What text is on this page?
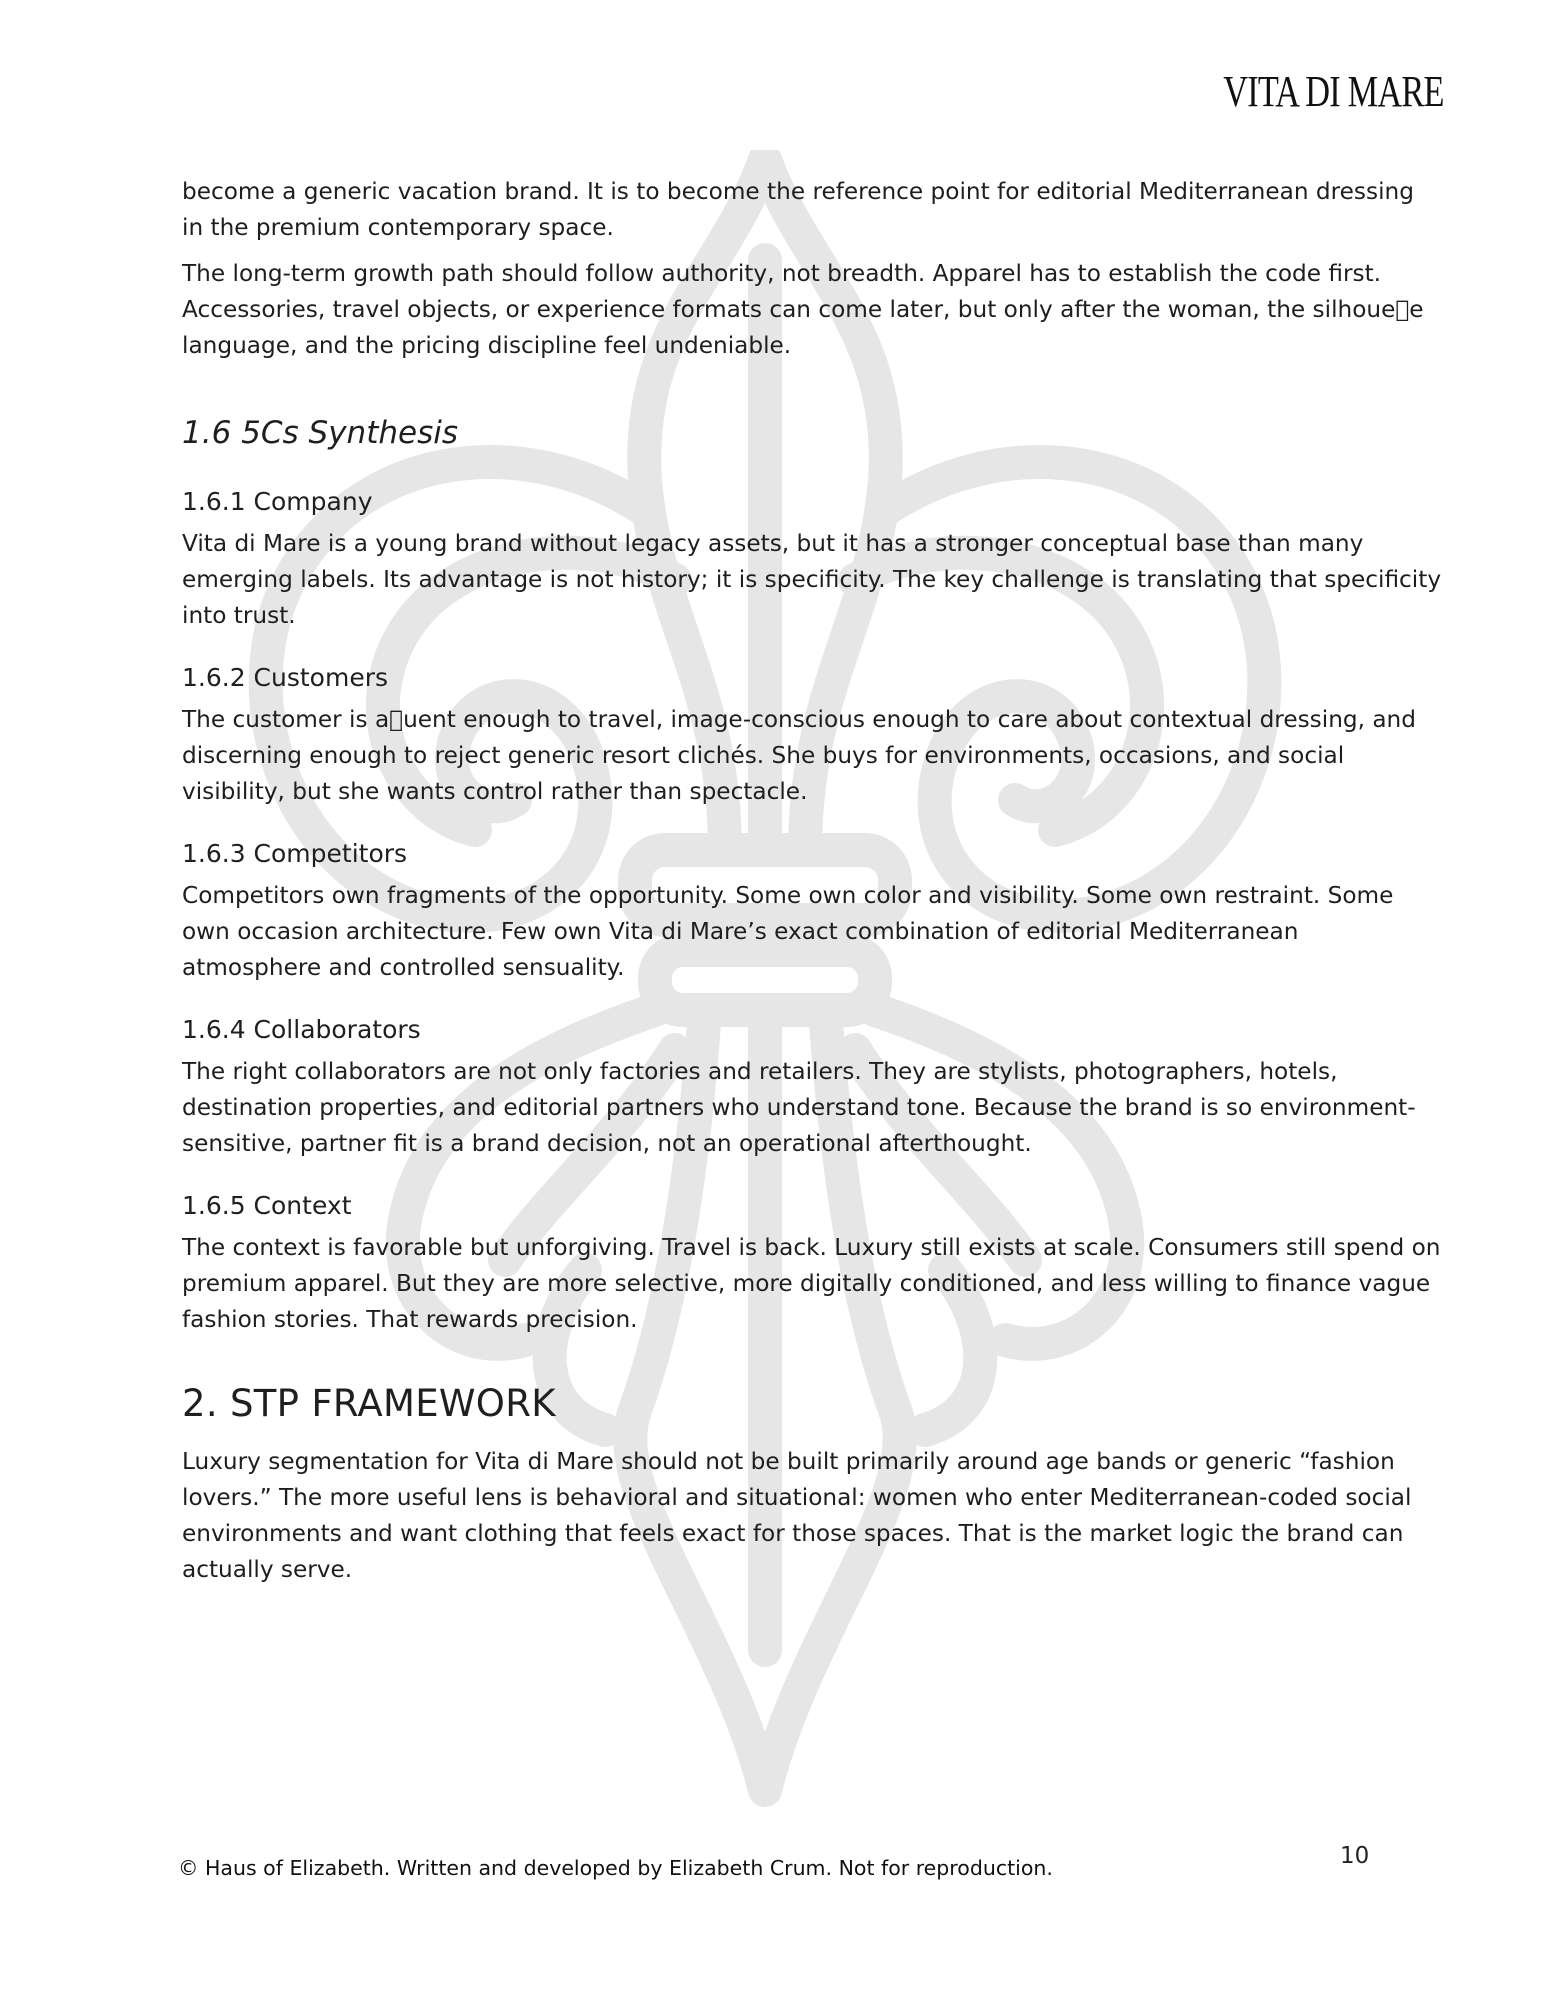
VITA DI MARE

become a generic vacation brand. It is to become the reference point for editorial Mediterranean dressing in the premium contemporary space.

The long-term growth path should follow authority, not breadth. Apparel has to establish the code first. Accessories, travel objects, or experience formats can come later, but only after the woman, the silhoue e language, and the pricing discipline feel undeniable.

1.6 5Cs Synthesis
1.6.1 Company

Vita di Mare is a young brand without legacy assets, but it has a stronger conceptual base than many emerging labels. Its advantage is not history; it is specificity. The key challenge is translating that specificity into trust.

1.6.2 Customers

The customer is a uent enough to travel, image-conscious enough to care about contextual dressing, and discerning enough to reject generic resort clichés. She buys for environments, occasions, and social visibility, but she wants control rather than spectacle.

1.6.3 Competitors

Competitors own fragments of the opportunity. Some own color and visibility. Some own restraint. Some own occasion architecture. Few own Vita di Mare’s exact combination of editorial Mediterranean atmosphere and controlled sensuality.

1.6.4 Collaborators

The right collaborators are not only factories and retailers. They are stylists, photographers, hotels, destination properties, and editorial partners who understand tone. Because the brand is so environment-sensitive, partner fit is a brand decision, not an operational afterthought.

1.6.5 Context

The context is favorable but unforgiving. Travel is back. Luxury still exists at scale. Consumers still spend on premium apparel. But they are more selective, more digitally conditioned, and less willing to finance vague fashion stories. That rewards precision.

2. STP FRAMEWORK

Luxury segmentation for Vita di Mare should not be built primarily around age bands or generic “fashion lovers.” The more useful lens is behavioral and situational: women who enter Mediterranean-coded social environments and want clothing that feels exact for those spaces. That is the market logic the brand can actually serve.

© Haus of Elizabeth. Written and developed by Elizabeth Crum. Not for reproduction.	10
